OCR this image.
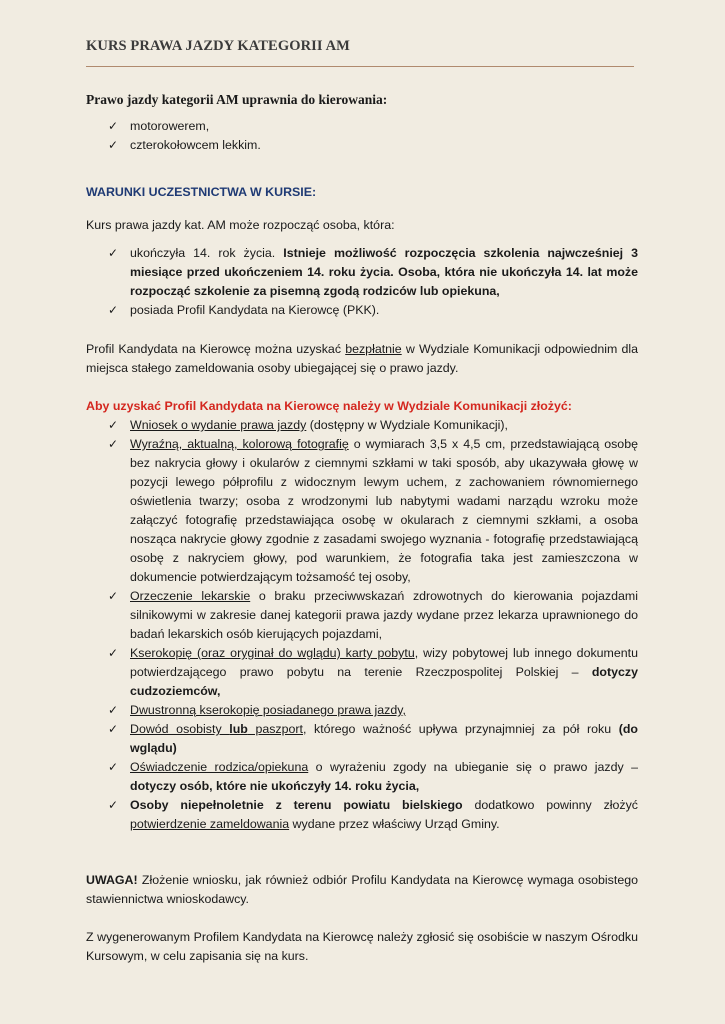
KURS PRAWA JAZDY KATEGORII AM
Prawo jazdy kategorii AM uprawnia do kierowania:
✓ motorowerem,
✓ czterokołowcem lekkim.

WARUNKI UCZESTNICTWA W KURSIE:

Kurs prawa jazdy kat. AM może rozpocząć osoba, która:

✓ ukończyła 14. rok życia. Istnieje możliwość rozpoczęcia szkolenia najwcześniej 3 miesiące przed ukończeniem 14. roku życia. Osoba, która nie ukończyła 14. lat może rozpocząć szkolenie za pisemną zgodą rodziców lub opiekuna,
✓ posiada Profil Kandydata na Kierowcę (PKK).

Profil Kandydata na Kierowcę można uzyskać bezpłatnie w Wydziale Komunikacji odpowiednim dla miejsca stałego zameldowania osoby ubiegającej się o prawo jazdy.

Aby uzyskać Profil Kandydata na Kierowcę należy w Wydziale Komunikacji złożyć:

✓ Wniosek o wydanie prawa jazdy (dostępny w Wydziale Komunikacji),
✓ Wyraźną, aktualną, kolorową fotografię o wymiarach 3,5 x 4,5 cm, przedstawiającą osobę bez nakrycia głowy i okularów z ciemnymi szkłami w taki sposób, aby ukazywała głowę w pozycji lewego półprofilu z widocznym lewym uchem, z zachowaniem równomiernego oświetlenia twarzy; osoba z wrodzonymi lub nabytymi wadami narządu wzroku może załączyć fotografię przedstawiająca osobę w okularach z ciemnymi szkłami, a osoba nosząca nakrycie głowy zgodnie z zasadami swojego wyznania - fotografię przedstawiającą osobę z nakryciem głowy, pod warunkiem, że fotografia taka jest zamieszczona w dokumencie potwierdzającym tożsamość tej osoby,
✓ Orzeczenie lekarskie o braku przeciwwskazań zdrowotnych do kierowania pojazdami silnikowymi w zakresie danej kategorii prawa jazdy wydane przez lekarza uprawnionego do badań lekarskich osób kierujących pojazdami,
✓ Ksero​kopię (oraz oryginał do wglądu) karty pobytu, wizy pobytowej lub innego dokumentu potwierdzającego prawo pobytu na terenie Rzeczpospolitej Polskiej – dotyczy cudzoziemców,
✓ Dwustronną kserokopię posiadanego prawa jazdy,
✓ Dowód osobisty lub paszport, którego ważność upływa przynajmniej za pół roku (do wglądu)
✓ Oświadczenie rodzica/opiekuna o wyrażeniu zgody na ubieganie się o prawo jazdy – dotyczy osób, które nie ukończyły 14. roku życia,
✓ Osoby niepełnoletnie z terenu powiatu bielskiego dodatkowo powinny złożyć potwierdzenie zameldowania wydane przez właściwy Urząd Gminy.

UWAGA! Złożenie wniosku, jak również odbiór Profilu Kandydata na Kierowcę wymaga osobistego stawiennictwa wnioskodawcy.

Z wygenerowanym Profilem Kandydata na Kierowcę należy zgłosić się osobiście w naszym Ośrodku Kursowym, w celu zapisania się na kurs.
